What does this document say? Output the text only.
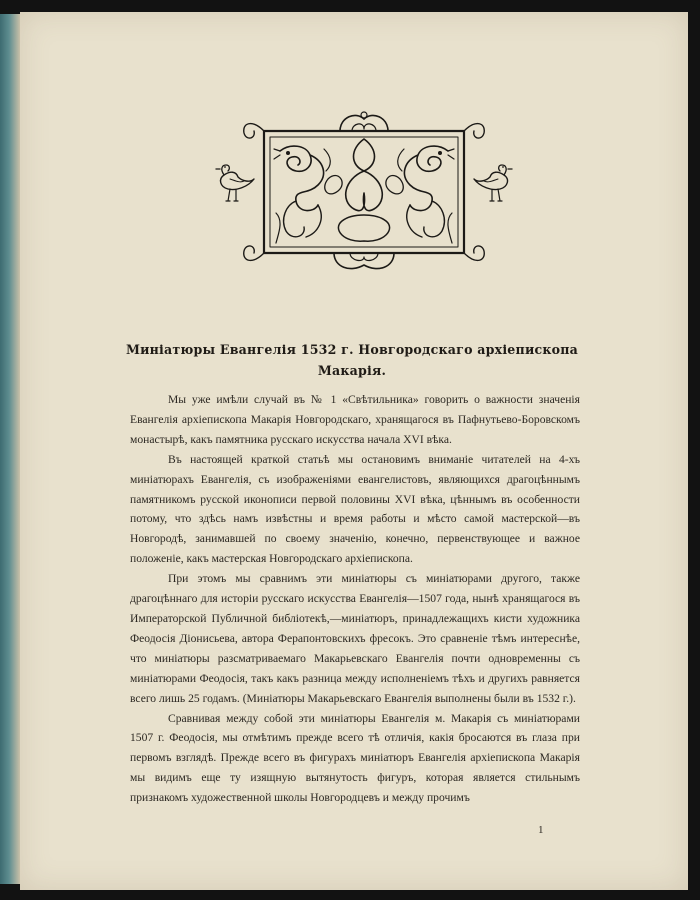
Миніатюры Евангелія 1532 г. Новгородскаго архіепископа Макарія.

Мы уже имѣли случай въ № 1 «Свѣтильника» говорить о важности значенія Евангелія архіепископа Макарія Новгородскаго, хранящагося въ Пафнутьево-Боровскомъ монастырѣ, какъ памятника русскаго искусства начала XVI вѣка.

Въ настоящей краткой статьѣ мы остановимъ вниманіе читателей на 4-хъ миніатюрахъ Евангелія, съ изображеніями евангелистовъ, являющихся драгоцѣннымъ памятникомъ русской иконописи первой половины XVI вѣка, цѣннымъ въ особенности потому, что здѣсь намъ извѣстны и время работы и мѣсто самой мастерской—въ Новгородѣ, занимавшей по своему значенію, конечно, первенствующее и важное положеніе, какъ мастерская Новгородскаго архіепископа.

При этомъ мы сравнимъ эти миніатюры съ миніатюрами другого, также драгоцѣннаго для исторіи русскаго искусства Евангелія—1507 года, нынѣ хранящагося въ Императорской Публичной библіотекѣ,—миніатюръ, принадлежащихъ кисти художника Феодосія Діонисьева, автора Ферапонтовскихъ фресокъ. Это сравненіе тѣмъ интереснѣе, что миніатюры разсматриваемаго Макарьевскаго Евангелія почти одновременны съ миніатюрами Феодосія, такъ какъ разница между исполненіемъ тѣхъ и другихъ равняется всего лишь 25 годамъ. (Миніатюры Макарьевскаго Евангелія выполнены были въ 1532 г.).

Сравнивая между собой эти миніатюры Евангелія м. Макарія съ миніатюрами 1507 г. Феодосія, мы отмѣтимъ прежде всего тѣ отличія, какія бросаются въ глаза при первомъ взглядѣ. Прежде всего въ фигурахъ миніатюръ Евангелія архіепископа Макарія мы видимъ еще ту изящную вытянутость фигуръ, которая является стильнымъ признакомъ художественной школы Новгородцевъ и между прочимъ

1
